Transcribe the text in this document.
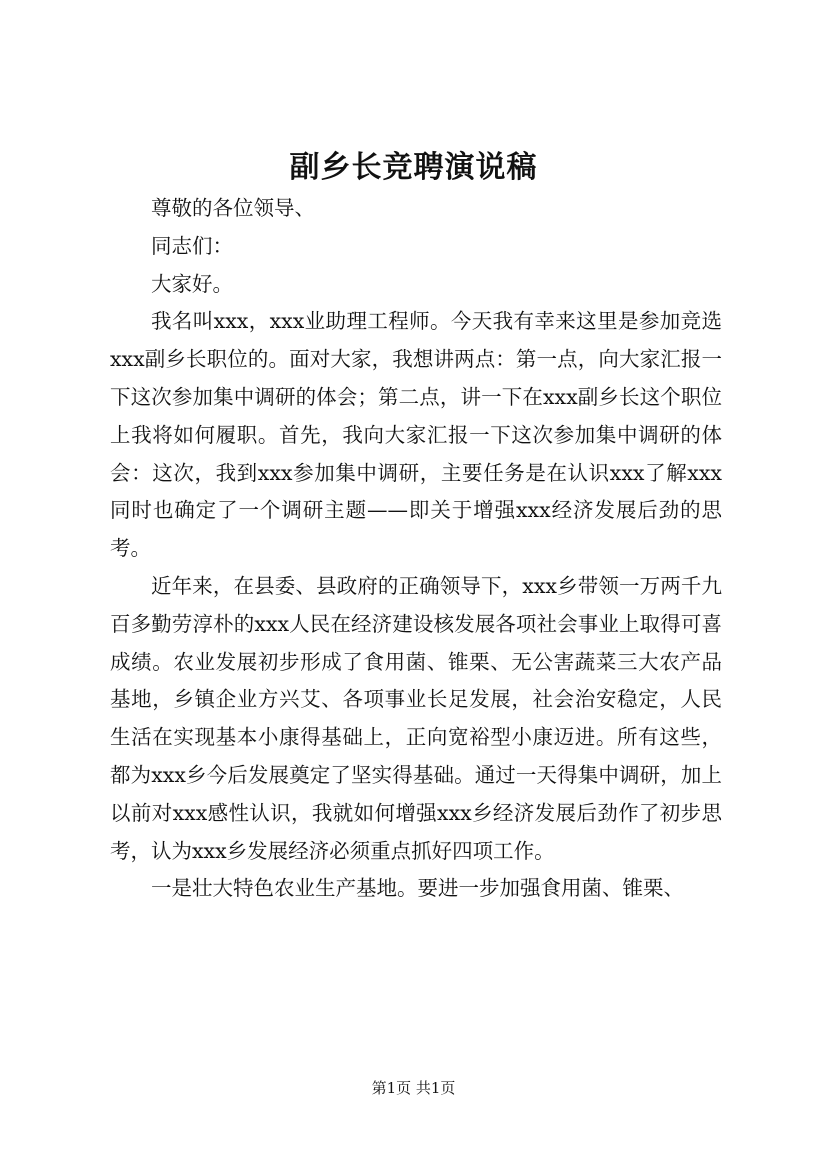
副乡长竞聘演说稿

尊敬的各位领导、

同志们：

大家好。

我名叫xxx，xxx业助理工程师。今天我有幸来这里是参加竞选xxx副乡长职位的。面对大家，我想讲两点：第一点，向大家汇报一下这次参加集中调研的体会；第二点，讲一下在xxx副乡长这个职位上我将如何履职。首先，我向大家汇报一下这次参加集中调研的体会：这次，我到xxx参加集中调研，主要任务是在认识xxx了解xxx同时也确定了一个调研主题——即关于增强xxx经济发展后劲的思考。

近年来，在县委、县政府的正确领导下，xxx乡带领一万两千九百多勤劳淳朴的xxx人民在经济建设核发展各项社会事业上取得可喜成绩。农业发展初步形成了食用菌、锥栗、无公害蔬菜三大农产品基地，乡镇企业方兴艾、各项事业长足发展，社会治安稳定，人民生活在实现基本小康得基础上，正向宽裕型小康迈进。所有这些，都为xxx乡今后发展奠定了坚实得基础。通过一天得集中调研，加上以前对xxx感性认识，我就如何增强xxx乡经济发展后劲作了初步思考，认为xxx乡发展经济必须重点抓好四项工作。

一是壮大特色农业生产基地。要进一步加强食用菌、锥栗、

第1页 共1页
